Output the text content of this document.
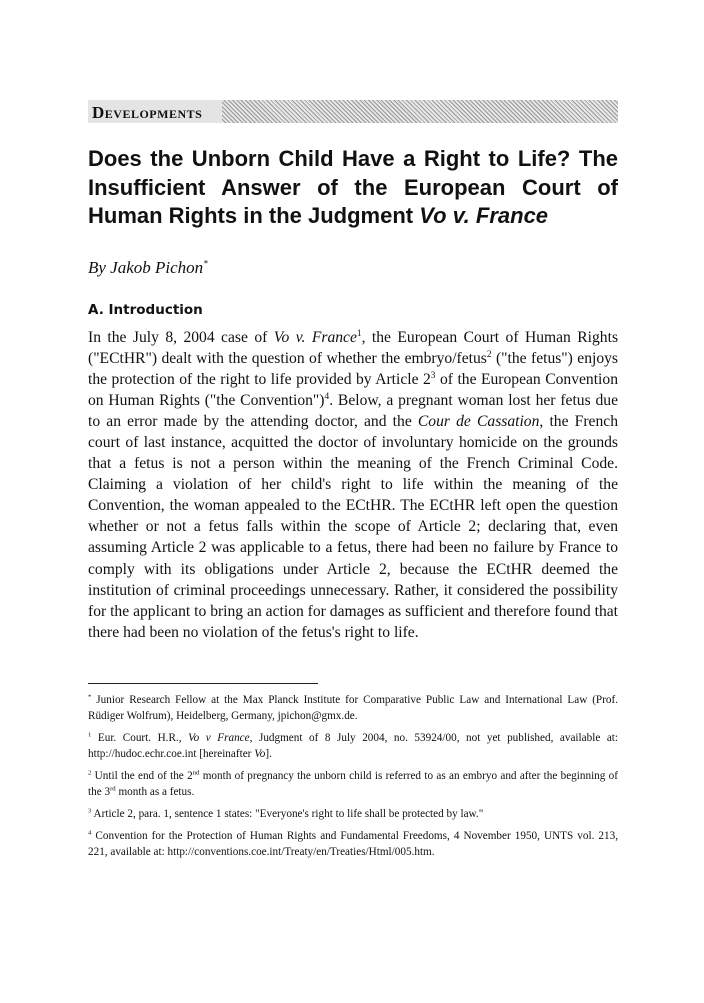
Developments
Does the Unborn Child Have a Right to Life? The Insufficient Answer of the European Court of Human Rights in the Judgment Vo v. France
By Jakob Pichon*
A. Introduction

In the July 8, 2004 case of Vo v. France$^1$, the European Court of Human Rights ("ECtHR") dealt with the question of whether the embryo/fetus$^2$ ("the fetus") enjoys the protection of the right to life provided by Article $2^3$ of the European Convention on Human Rights ("the Convention")$^4$. Below, a pregnant woman lost her fetus due to an error made by the attending doctor, and the Cour de Cassation, the French court of last instance, acquitted the doctor of involuntary homicide on the grounds that a fetus is not a person within the meaning of the French Criminal Code. Claiming a violation of her child's right to life within the meaning of the Convention, the woman appealed to the ECtHR. The ECtHR left open the question whether or not a fetus falls within the scope of Article 2; declaring that, even assuming Article 2 was applicable to a fetus, there had been no failure by France to comply with its obligations under Article 2, because the ECtHR deemed the institution of criminal proceedings unnecessary. Rather, it considered the possibility for the applicant to bring an action for damages as sufficient and therefore found that there had been no violation of the fetus's right to life.

* Junior Research Fellow at the Max Planck Institute for Comparative Public Law and International Law (Prof. Rüdiger Wolfrum), Heidelberg, Germany, jpichon@gmx.de.

$^1$ Eur. Court. H.R., Vo v France, Judgment of 8 July 2004, no. 53924/00, not yet published, available at: http://hudoc.echr.coe.int [hereinafter Vo].

$^2$ Until the end of the 2nd month of pregnancy the unborn child is referred to as an embryo and after the beginning of the 3rd month as a fetus.

$^3$ Article 2, para. 1, sentence 1 states: "Everyone's right to life shall be protected by law."

$^4$ Convention for the Protection of Human Rights and Fundamental Freedoms, 4 November 1950, UNTS vol. 213, 221, available at: http://conventions.coe.int/Treaty/en/Treaties/Html/005.htm.
